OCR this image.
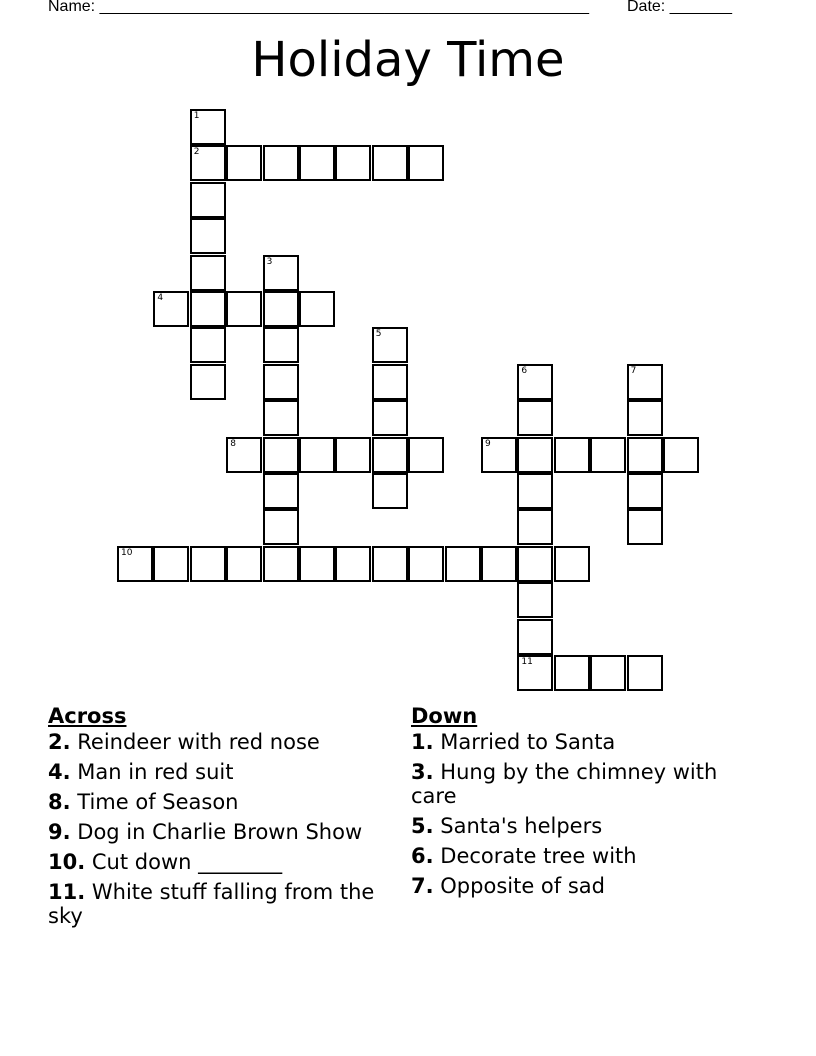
Name: _______________________________________________________ Date: _______
Holiday Time
1
2
3
4
5
6
11
7
8	9
10
Across

2. Reindeer with red nose

4. Man in red suit

8. Time of Season

9. Dog in Charlie Brown Show

10. Cut down ________

11. White stuff falling from the sky

Down

1. Married to Santa

3. Hung by the chimney with care

5. Santa's helpers

6. Decorate tree with

7. Opposite of sad
